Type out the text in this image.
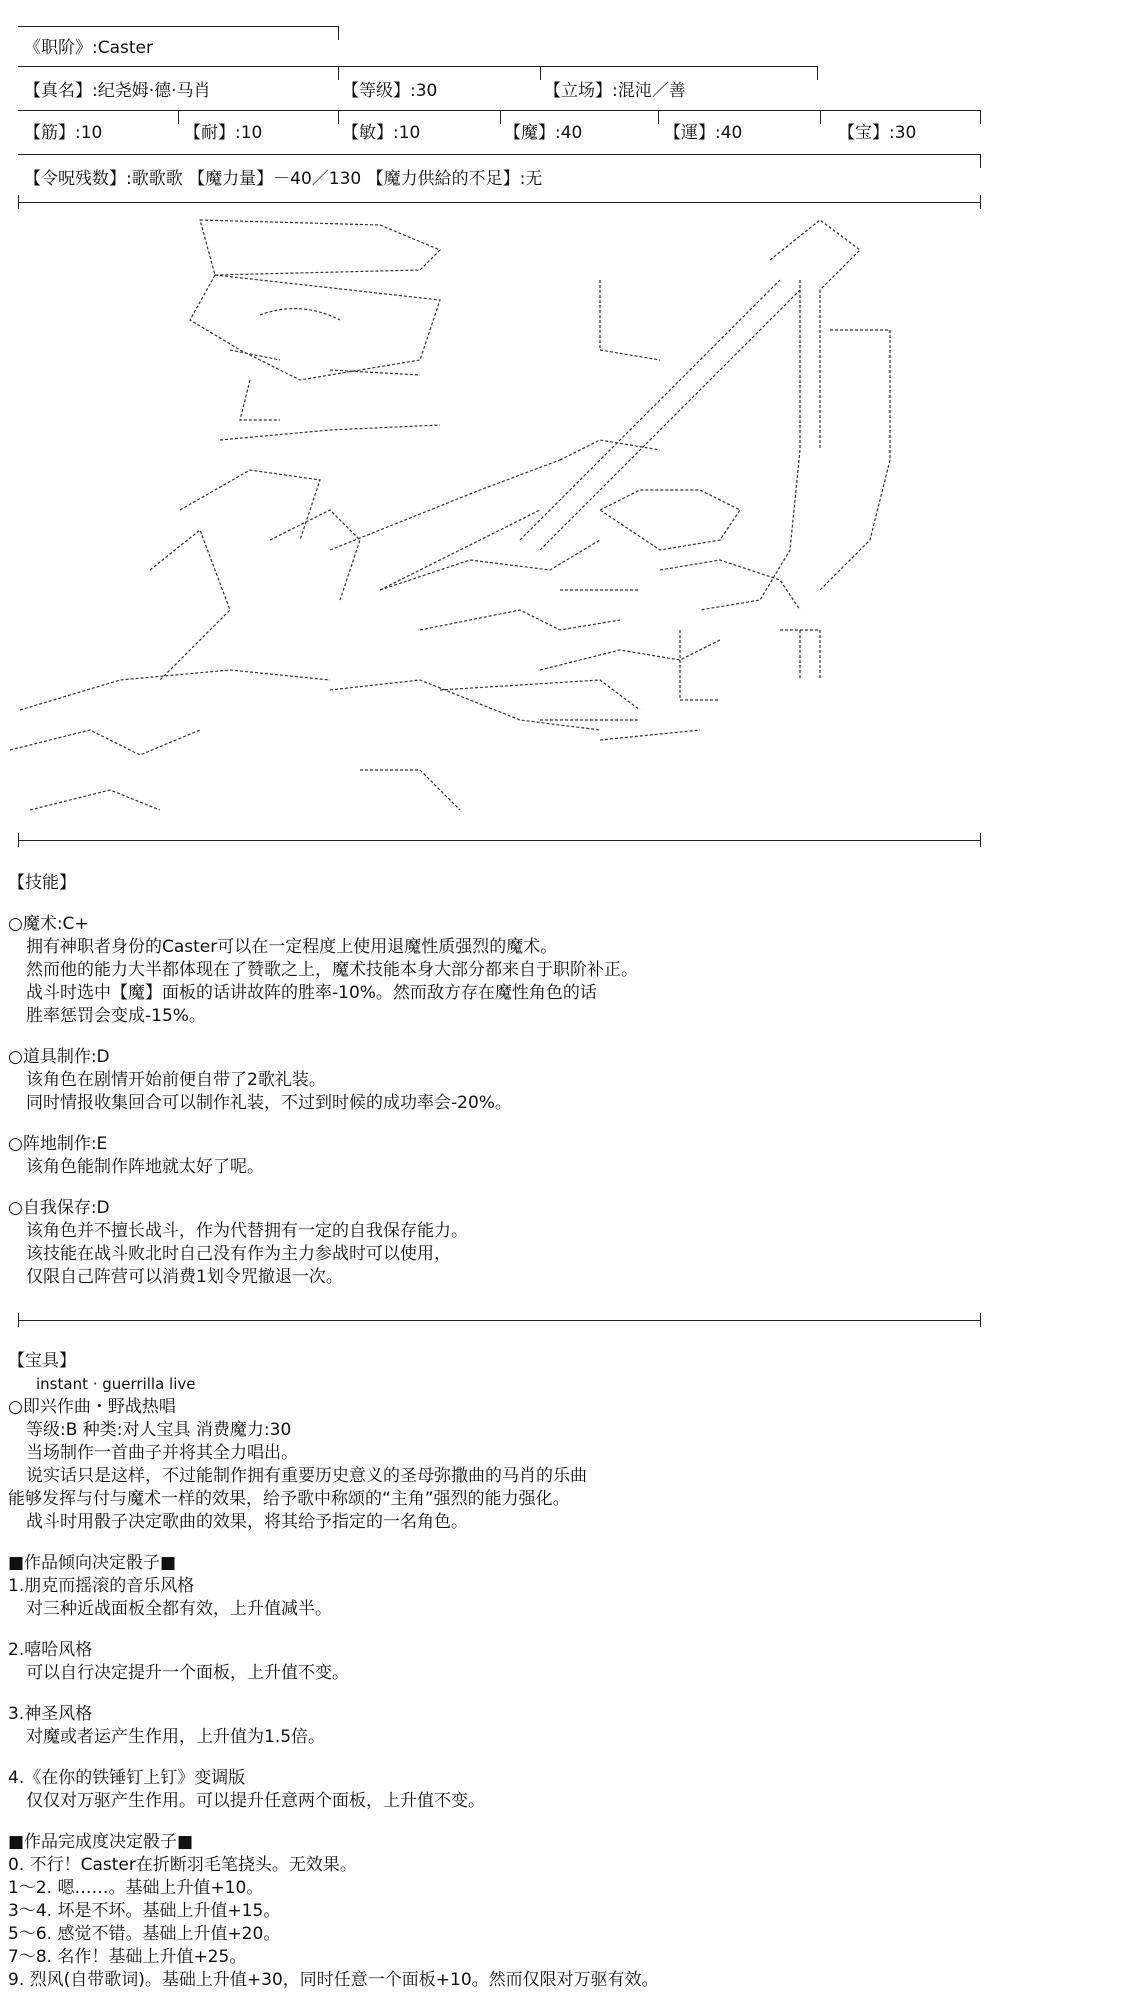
《职阶》:Caster
【真名】:纪尧姆·德·马肖	【等级】:30	【立场】:混沌／善
【筋】:10	【耐】:10	【敏】:10	【魔】:40	【運】:40	【宝】:30
【令呪残数】:歌歌歌 【魔力量】－40／130 【魔力供給的不足】:无
【技能】
○魔术:C+
拥有神职者身份的Caster可以在一定程度上使用退魔性质强烈的魔术。
然而他的能力大半都体现在了赞歌之上，魔术技能本身大部分都来自于职阶补正。
战斗时选中【魔】面板的话讲故阵的胜率-10%。然而敌方存在魔性角色的话
胜率惩罚会变成-15%。
○道具制作:D
该角色在剧情开始前便自带了2歌礼装。
同时情报收集回合可以制作礼装，不过到时候的成功率会-20%。
○阵地制作:E
该角色能制作阵地就太好了呢。
○自我保存:D
该角色并不擅长战斗，作为代替拥有一定的自我保存能力。
该技能在战斗败北时自己没有作为主力参战时可以使用，
仅限自己阵营可以消费1划令咒撤退一次。
【宝具】
instant · guerrilla live
○即兴作曲・野战热唱
等级:B 种类:对人宝具 消费魔力:30
当场制作一首曲子并将其全力唱出。
说实话只是这样，不过能制作拥有重要历史意义的圣母弥撒曲的马肖的乐曲
能够发挥与付与魔术一样的效果，给予歌中称颂的“主角”强烈的能力强化。
战斗时用骰子决定歌曲的效果，将其给予指定的一名角色。
■作品倾向决定骰子■
1.朋克而摇滚的音乐风格
对三种近战面板全都有效，上升值减半。
2.嘻哈风格
可以自行决定提升一个面板，上升值不变。
3.神圣风格
对魔或者运产生作用，上升值为1.5倍。
4.《在你的铁锤钉上钉》变调版
仅仅对万驱产生作用。可以提升任意两个面板，上升值不变。
■作品完成度决定骰子■
0. 不行！Caster在折断羽毛笔挠头。无效果。
1～2. 嗯……。基础上升值+10。
3～4. 坏是不坏。基础上升值+15。
5～6. 感觉不错。基础上升值+20。
7～8. 名作！基础上升值+25。
9. 烈风(自带歌词)。基础上升值+30，同时任意一个面板+10。然而仅限对万驱有效。
